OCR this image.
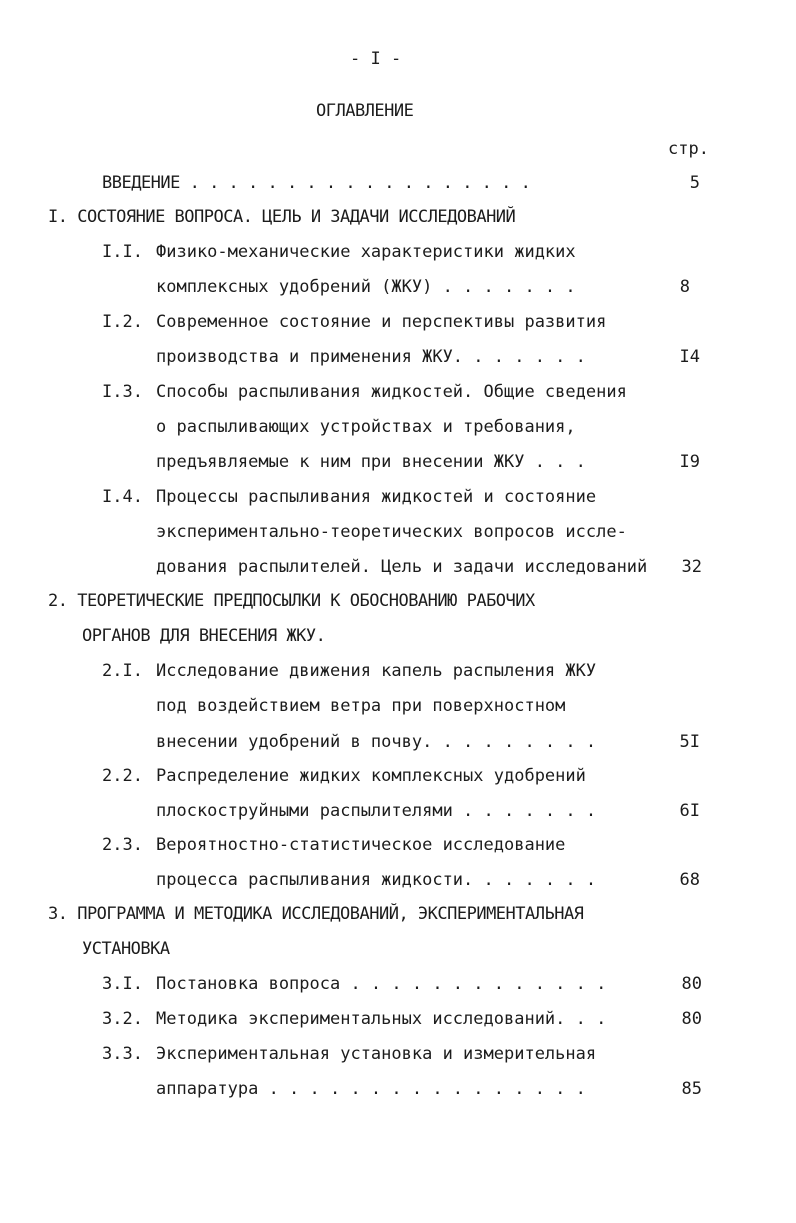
- I -
ОГЛАВЛЕНИЕ
стр.
ВВЕДЕНИЕ . . . . . . . . . . . . . . . . . .	5
I. СОСТОЯНИЕ ВОПРОСА. ЦЕЛЬ И ЗАДАЧИ ИССЛЕДОВАНИЙ
I.I. Физико-механические характеристики жидких
комплексных удобрений (ЖКУ) . . . . . . .	8
I.2. Современное состояние и перспективы развития
производства и применения ЖКУ. . . . . . .	I4
I.3. Способы распыливания жидкостей. Общие сведения
о распыливающих устройствах и требования,
предъявляемые к ним при внесении ЖКУ . . .	I9
I.4. Процессы распыливания жидкостей и состояние
экспериментально-теоретических вопросов иссле-
дования распылителей. Цель и задачи исследований	32
2. ТЕОРЕТИЧЕСКИЕ ПРЕДПОСЫЛКИ К ОБОСНОВАНИЮ РАБОЧИХ
ОРГАНОВ ДЛЯ ВНЕСЕНИЯ ЖКУ.
2.I. Исследование движения капель распыления ЖКУ
под воздействием ветра при поверхностном
внесении удобрений в почву. . . . . . . . .	5I
2.2. Распределение жидких комплексных удобрений
плоскоструйными распылителями . . . . . . .	6I
2.3. Вероятностно-статистическое исследование
процесса распыливания жидкости. . . . . . .	68
3. ПРОГРАММА И МЕТОДИКА ИССЛЕДОВАНИЙ, ЭКСПЕРИМЕНТАЛЬНАЯ
УСТАНОВКА
3.I. Постановка вопроса . . . . . . . . . . . . .	80
3.2. Методика экспериментальных исследований. . .	80
3.3. Экспериментальная установка и измерительная
аппаратура . . . . . . . . . . . . . . . .	85
